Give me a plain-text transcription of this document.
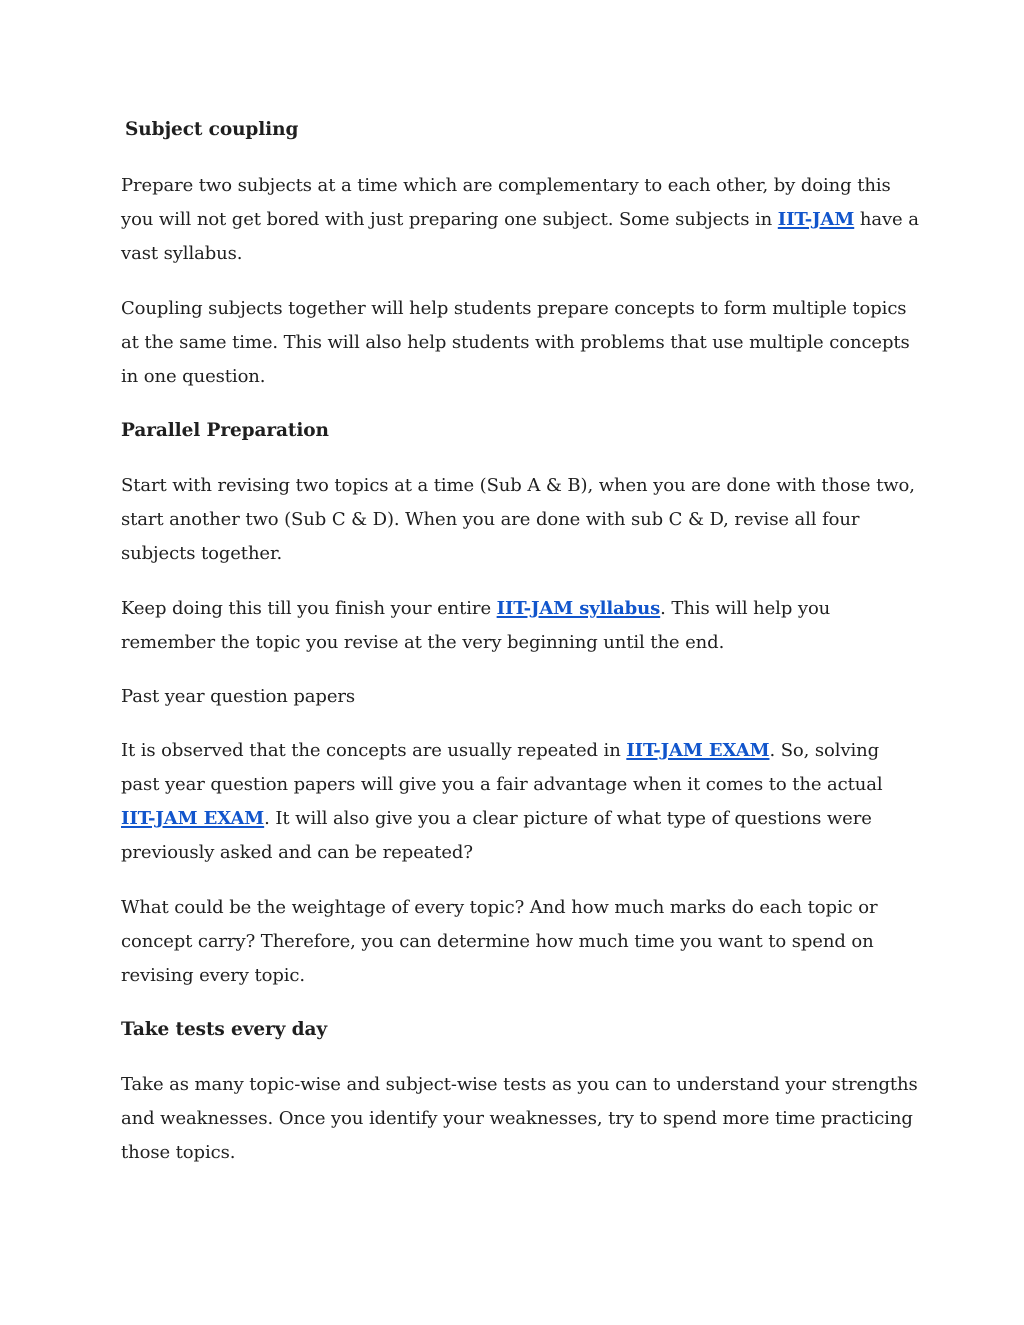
Subject coupling

Prepare two subjects at a time which are complementary to each other, by doing this you will not get bored with just preparing one subject. Some subjects in IIT-JAM have a vast syllabus.

Coupling subjects together will help students prepare concepts to form multiple topics at the same time. This will also help students with problems that use multiple concepts in one question.

Parallel Preparation

Start with revising two topics at a time (Sub A & B), when you are done with those two, start another two (Sub C & D). When you are done with sub C & D, revise all four subjects together.

Keep doing this till you finish your entire IIT-JAM syllabus. This will help you remember the topic you revise at the very beginning until the end.

Past year question papers

It is observed that the concepts are usually repeated in IIT-JAM EXAM. So, solving past year question papers will give you a fair advantage when it comes to the actual IIT-JAM EXAM. It will also give you a clear picture of what type of questions were previously asked and can be repeated?

What could be the weightage of every topic? And how much marks do each topic or concept carry? Therefore, you can determine how much time you want to spend on revising every topic.

Take tests every day

Take as many topic-wise and subject-wise tests as you can to understand your strengths and weaknesses. Once you identify your weaknesses, try to spend more time practicing those topics.
